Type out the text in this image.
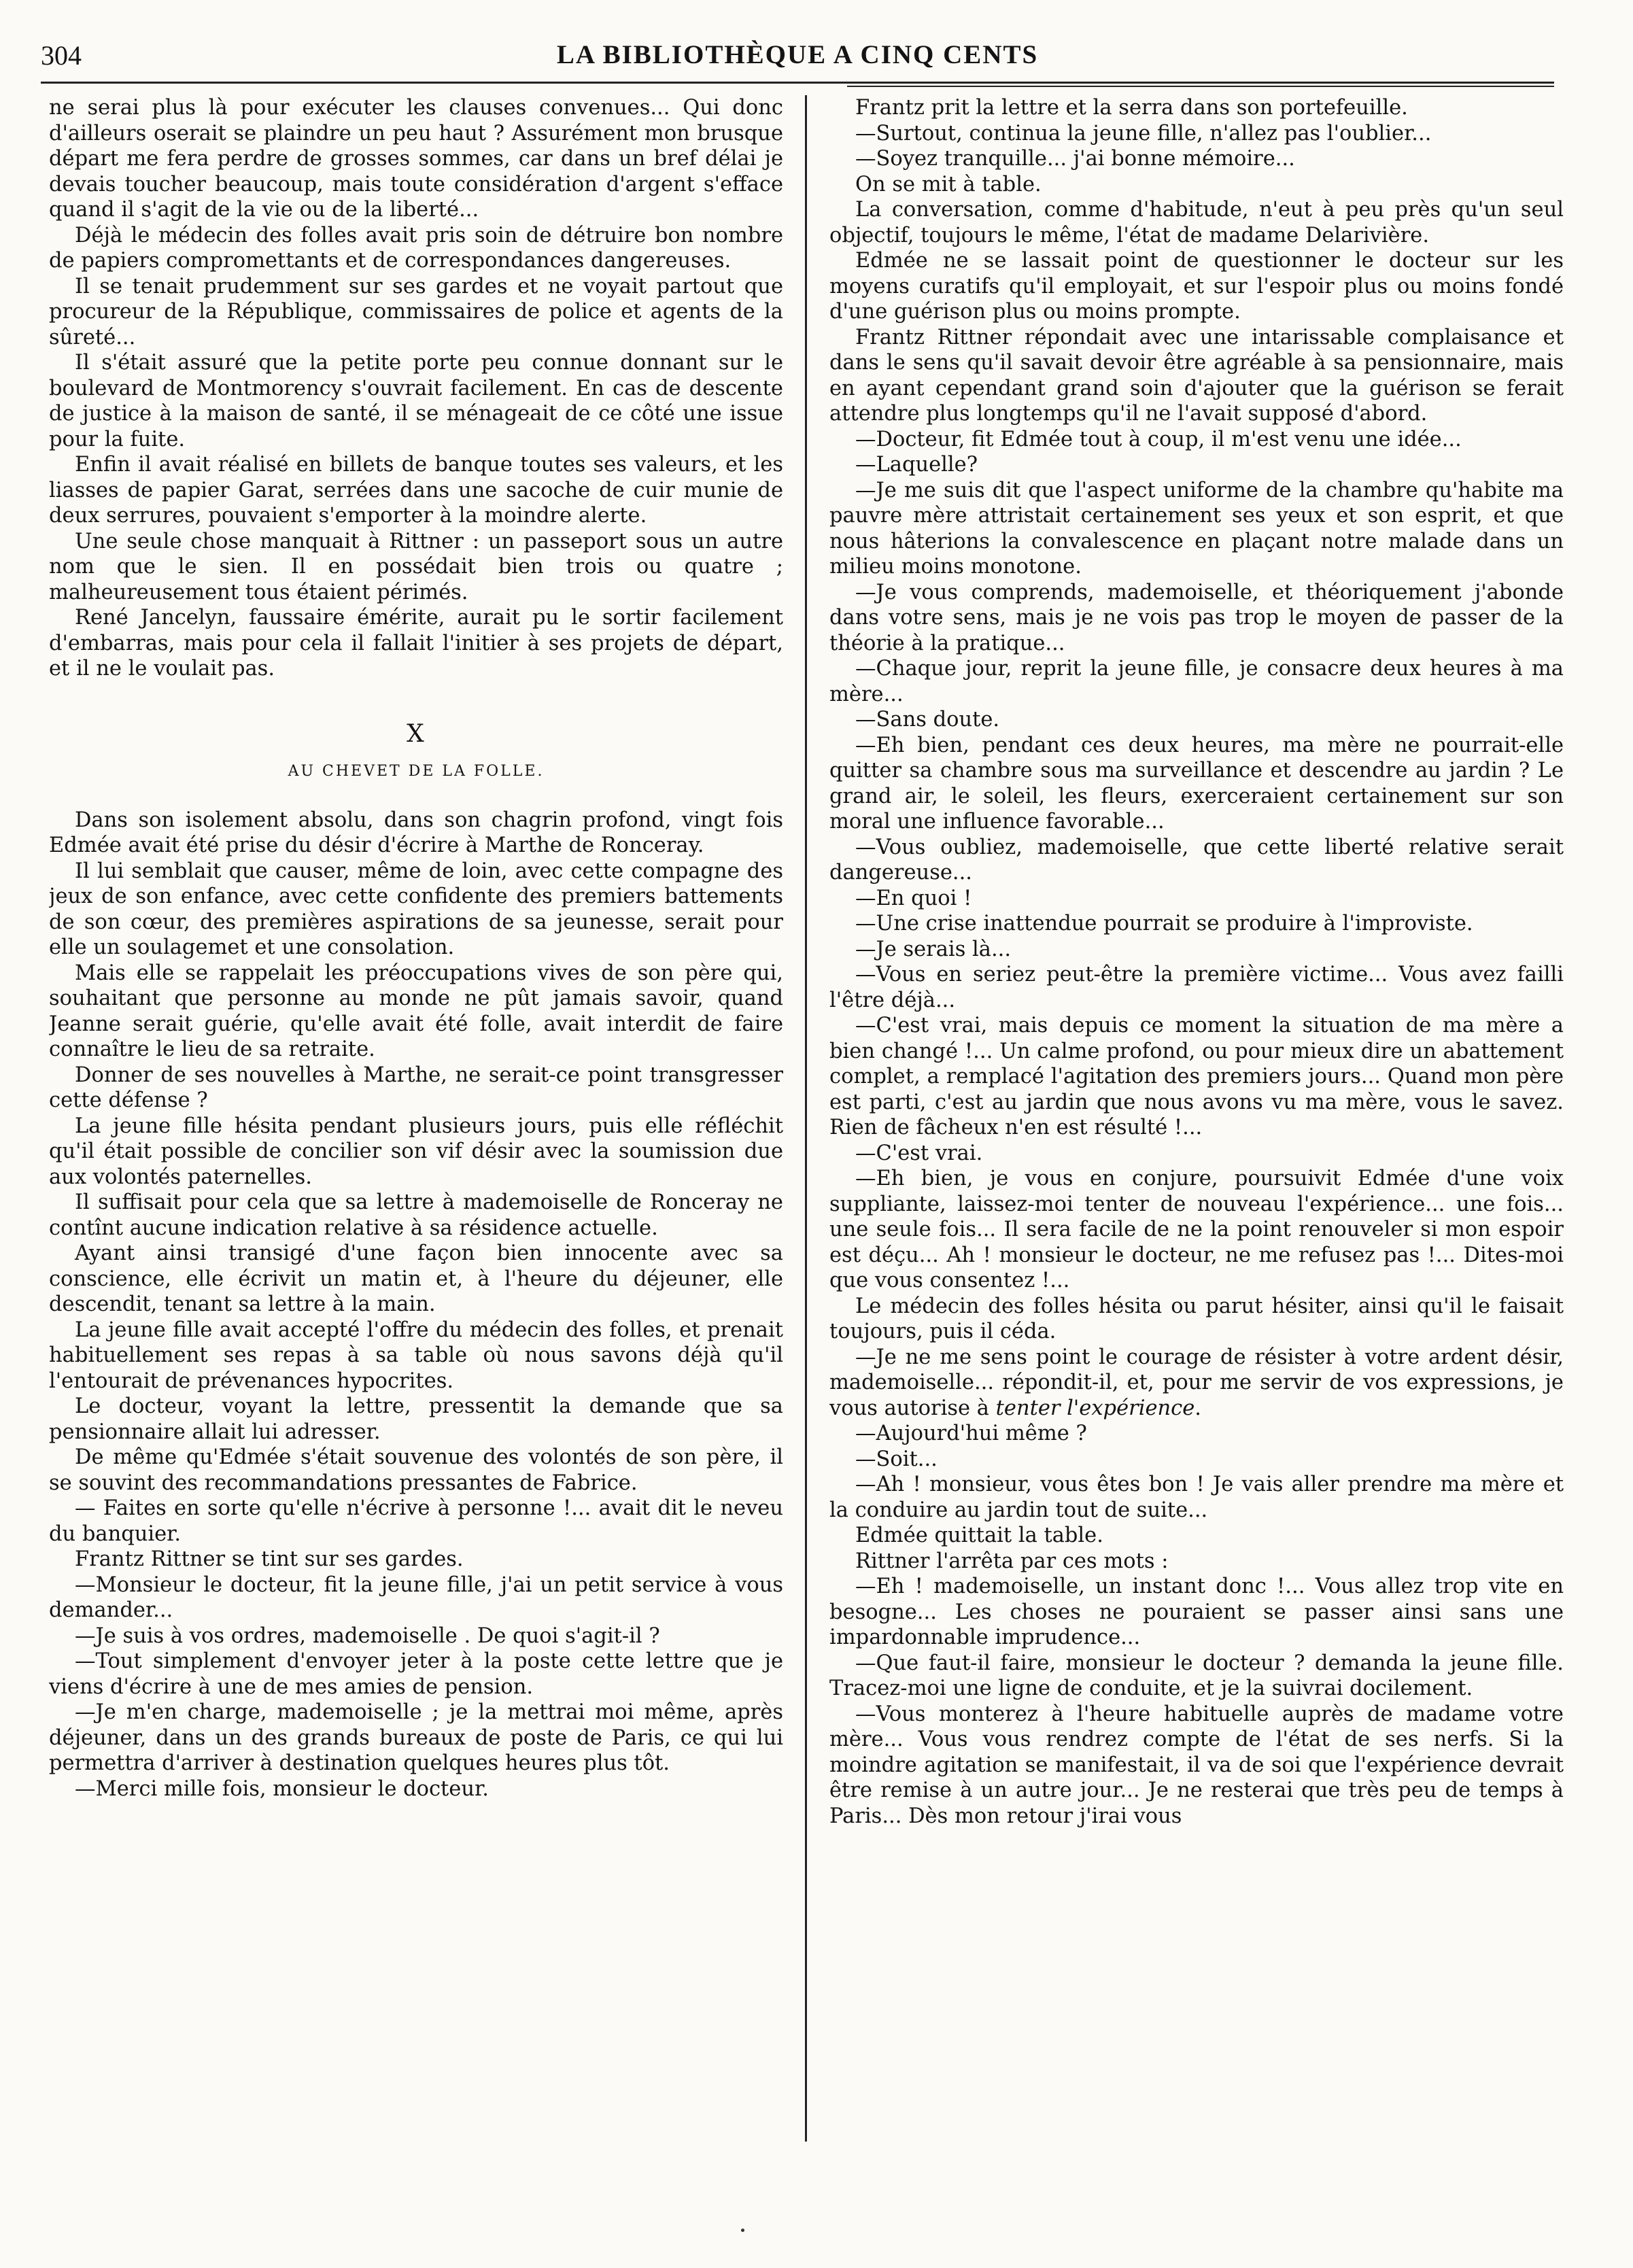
304	LA BIBLIOTHÈQUE A CINQ CENTS

ne serai plus là pour exécuter les clauses convenues... Qui donc d'ailleurs oserait se plaindre un peu haut ? Assurément mon brusque départ me fera perdre de grosses sommes, car dans un bref délai je devais toucher beaucoup, mais toute considération d'argent s'efface quand il s'agit de la vie ou de la liberté...

Déjà le médecin des folles avait pris soin de détruire bon nombre de papiers compromettants et de correspondances dangereuses.

Il se tenait prudemment sur ses gardes et ne voyait partout que procureur de la République, commissaires de police et agents de la sûreté...

Il s'était assuré que la petite porte peu connue donnant sur le boulevard de Montmorency s'ouvrait facilement. En cas de descente de justice à la maison de santé, il se ménageait de ce côté une issue pour la fuite.

Enfin il avait réalisé en billets de banque toutes ses valeurs, et les liasses de papier Garat, serrées dans une sacoche de cuir munie de deux serrures, pouvaient s'emporter à la moindre alerte.

Une seule chose manquait à Rittner : un passeport sous un autre nom que le sien. Il en possédait bien trois ou quatre ; malheureusement tous étaient périmés.

René Jancelyn, faussaire émérite, aurait pu le sortir facilement d'embarras, mais pour cela il fallait l'initier à ses projets de départ, et il ne le voulait pas.

X
AU CHEVET DE LA FOLLE.

Dans son isolement absolu, dans son chagrin profond, vingt fois Edmée avait été prise du désir d'écrire à Marthe de Ronceray.

Il lui semblait que causer, même de loin, avec cette compagne des jeux de son enfance, avec cette confidente des premiers battements de son cœur, des premières aspirations de sa jeunesse, serait pour elle un soulagemet et une consolation.

Mais elle se rappelait les préoccupations vives de son père qui, souhaitant que personne au monde ne pût jamais savoir, quand Jeanne serait guérie, qu'elle avait été folle, avait interdit de faire connaître le lieu de sa retraite.

Donner de ses nouvelles à Marthe, ne serait-ce point transgresser cette défense ?

La jeune fille hésita pendant plusieurs jours, puis elle réfléchit qu'il était possible de concilier son vif désir avec la soumission due aux volontés paternelles.

Il suffisait pour cela que sa lettre à mademoiselle de Ronceray ne contînt aucune indication relative à sa résidence actuelle.

Ayant ainsi transigé d'une façon bien innocente avec sa conscience, elle écrivit un matin et, à l'heure du déjeuner, elle descendit, tenant sa lettre à la main.

La jeune fille avait accepté l'offre du médecin des folles, et prenait habituellement ses repas à sa table où nous savons déjà qu'il l'entourait de prévenances hypocrites.

Le docteur, voyant la lettre, pressentit la demande que sa pensionnaire allait lui adresser.

De même qu'Edmée s'était souvenue des volontés de son père, il se souvint des recommandations pressantes de Fabrice.

— Faites en sorte qu'elle n'écrive à personne !... avait dit le neveu du banquier.

Frantz Rittner se tint sur ses gardes.

—Monsieur le docteur, fit la jeune fille, j'ai un petit service à vous demander...

—Je suis à vos ordres, mademoiselle . De quoi s'agit-il ?

—Tout simplement d'envoyer jeter à la poste cette lettre que je viens d'écrire à une de mes amies de pension.

—Je m'en charge, mademoiselle ; je la mettrai moi même, après déjeuner, dans un des grands bureaux de poste de Paris, ce qui lui permettra d'arriver à destination quelques heures plus tôt.

—Merci mille fois, monsieur le docteur.

Frantz prit la lettre et la serra dans son portefeuille.

—Surtout, continua la jeune fille, n'allez pas l'oublier...

—Soyez tranquille... j'ai bonne mémoire...

On se mit à table.

La conversation, comme d'habitude, n'eut à peu près qu'un seul objectif, toujours le même, l'état de madame Delarivière.

Edmée ne se lassait point de questionner le docteur sur les moyens curatifs qu'il employait, et sur l'espoir plus ou moins fondé d'une guérison plus ou moins prompte.

Frantz Rittner répondait avec une intarissable complaisance et dans le sens qu'il savait devoir être agréable à sa pensionnaire, mais en ayant cependant grand soin d'ajouter que la guérison se ferait attendre plus longtemps qu'il ne l'avait supposé d'abord.

—Docteur, fit Edmée tout à coup, il m'est venu une idée...

—Laquelle?

—Je me suis dit que l'aspect uniforme de la chambre qu'habite ma pauvre mère attristait certainement ses yeux et son esprit, et que nous hâterions la convalescence en plaçant notre malade dans un milieu moins monotone.

—Je vous comprends, mademoiselle, et théoriquement j'abonde dans votre sens, mais je ne vois pas trop le moyen de passer de la théorie à la pratique...

—Chaque jour, reprit la jeune fille, je consacre deux heures à ma mère...

—Sans doute.

—Eh bien, pendant ces deux heures, ma mère ne pourrait-elle quitter sa chambre sous ma surveillance et descendre au jardin ? Le grand air, le soleil, les fleurs, exerceraient certainement sur son moral une influence favorable...

—Vous oubliez, mademoiselle, que cette liberté relative serait dangereuse...

—En quoi !

—Une crise inattendue pourrait se produire à l'improviste.

—Je serais là...

—Vous en seriez peut-être la première victime... Vous avez failli l'être déjà...

—C'est vrai, mais depuis ce moment la situation de ma mère a bien changé !... Un calme profond, ou pour mieux dire un abattement complet, a remplacé l'agitation des premiers jours... Quand mon père est parti, c'est au jardin que nous avons vu ma mère, vous le savez. Rien de fâcheux n'en est résulté !...

—C'est vrai.

—Eh bien, je vous en conjure, poursuivit Edmée d'une voix suppliante, laissez-moi tenter de nouveau l'expérience... une fois... une seule fois... Il sera facile de ne la point renouveler si mon espoir est déçu... Ah ! monsieur le docteur, ne me refusez pas !... Dites-moi que vous consentez !...

Le médecin des folles hésita ou parut hésiter, ainsi qu'il le faisait toujours, puis il céda.

—Je ne me sens point le courage de résister à votre ardent désir, mademoiselle... répondit-il, et, pour me servir de vos expressions, je vous autorise à tenter l'expérience.

—Aujourd'hui même ?

—Soit...

—Ah ! monsieur, vous êtes bon ! Je vais aller prendre ma mère et la conduire au jardin tout de suite...

Edmée quittait la table.

Rittner l'arrêta par ces mots :

—Eh ! mademoiselle, un instant donc !... Vous allez trop vite en besogne... Les choses ne pouraient se passer ainsi sans une impardonnable imprudence...

—Que faut-il faire, monsieur le docteur ? demanda la jeune fille. Tracez-moi une ligne de conduite, et je la suivrai docilement.

—Vous monterez à l'heure habituelle auprès de madame votre mère... Vous vous rendrez compte de l'état de ses nerfs. Si la moindre agitation se manifestait, il va de soi que l'expérience devrait être remise à un autre jour... Je ne resterai que très peu de temps à Paris... Dès mon retour j'irai vous
